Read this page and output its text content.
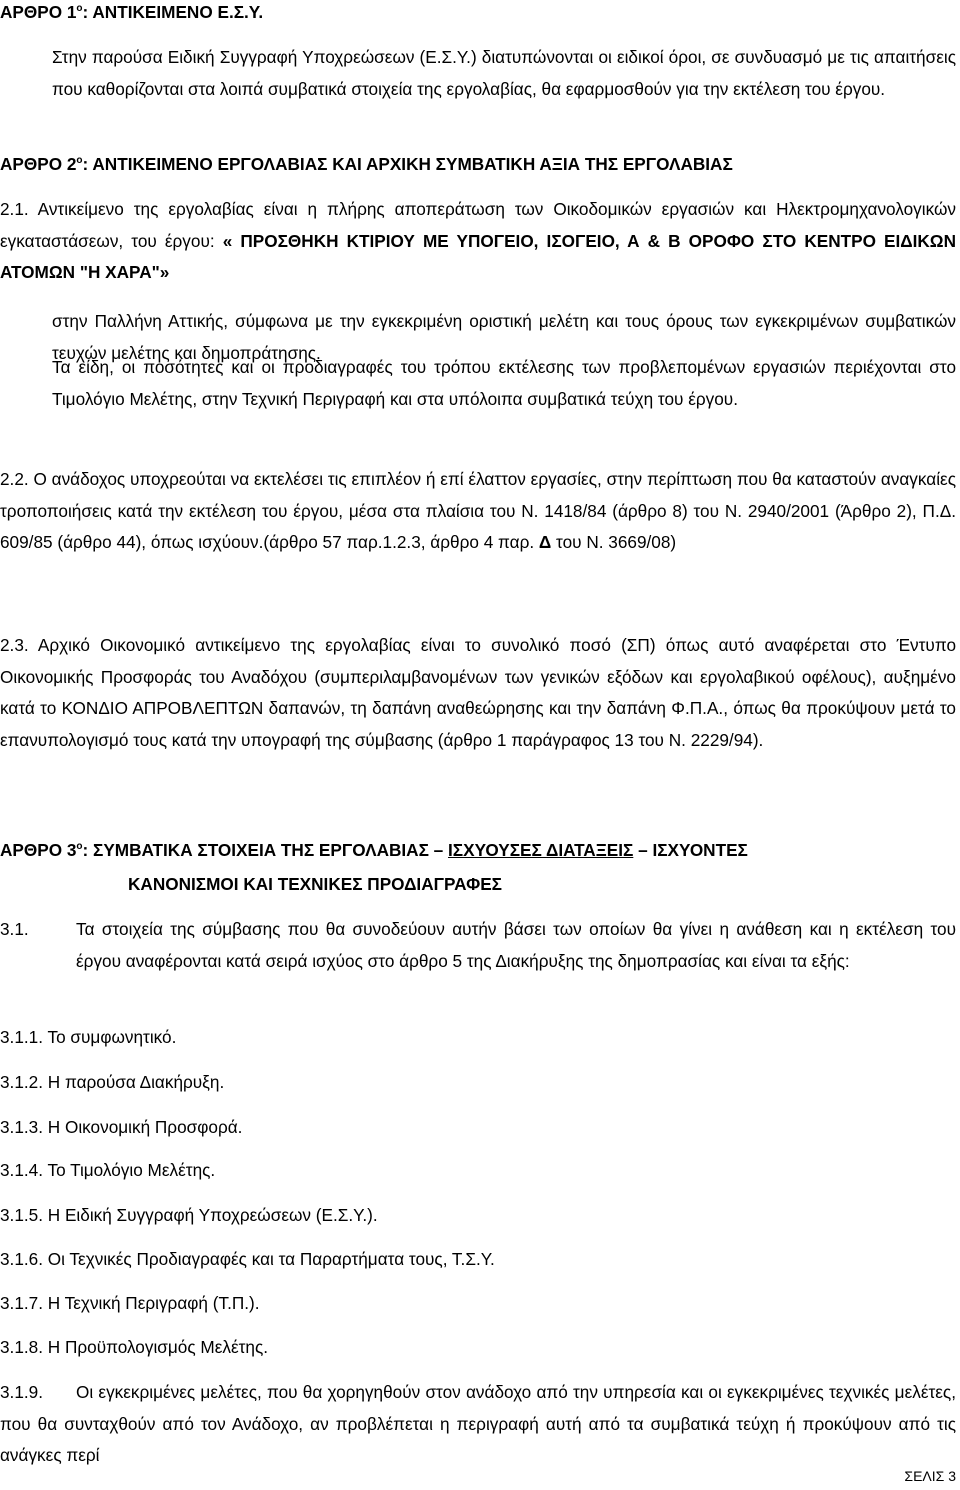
ΑΡΘΡΟ $1^o$: ΑΝΤΙΚΕΙΜΕΝΟ Ε.Σ.Υ.
Στην παρούσα Ειδική Συγγραφή Υποχρεώσεων (Ε.Σ.Υ.) διατυπώνονται οι ειδικοί όροι, σε συνδυασμό με τις απαιτήσεις που καθορίζονται στα λοιπά συμβατικά στοιχεία της εργολαβίας, θα εφαρμοσθούν για την εκτέλεση του έργου.
ΑΡΘΡΟ $2^o$: ΑΝΤΙΚΕΙΜΕΝΟ ΕΡΓΟΛΑΒΙΑΣ ΚΑΙ ΑΡΧΙΚΗ ΣΥΜΒΑΤΙΚΗ ΑΞΙΑ ΤΗΣ ΕΡΓΟΛΑΒΙΑΣ
2.1. Αντικείμενο της εργολαβίας είναι η πλήρης αποπεράτωση των Οικοδομικών εργασιών και Ηλεκτρομηχανολογικών εγκαταστάσεων, του έργου: « ΠΡΟΣΘΗΚΗ ΚΤΙΡΙΟΥ ΜΕ ΥΠΟΓΕΙΟ, ΙΣΟΓΕΙΟ, Α & Β ΟΡΟΦΟ ΣΤΟ ΚΕΝΤΡΟ ΕΙΔΙΚΩΝ ΑΤΟΜΩΝ "Η ΧΑΡΑ"»
στην Παλλήνη Αττικής, σύμφωνα με την εγκεκριμένη οριστική μελέτη και τους όρους των εγκεκριμένων συμβατικών τευχών μελέτης και δημοπράτησης.
Τα είδη, οι ποσότητες και οι προδιαγραφές του τρόπου εκτέλεσης των προβλεπομένων εργασιών περιέχονται στο Τιμολόγιο Μελέτης, στην Τεχνική Περιγραφή και στα υπόλοιπα συμβατικά τεύχη του έργου.
2.2. Ο ανάδοχος υποχρεούται να εκτελέσει τις επιπλέον ή επί έλαττον εργασίες, στην περίπτωση που θα καταστούν αναγκαίες τροποποιήσεις κατά την εκτέλεση του έργου, μέσα στα πλαίσια του Ν. 1418/84 (άρθρο 8) του Ν. 2940/2001 (Άρθρο 2), Π.Δ. 609/85 (άρθρο 44), όπως ισχύουν.(άρθρο 57 παρ.1.2.3, άρθρο 4 παρ. Δ του Ν. 3669/08)
2.3. Αρχικό Οικονομικό αντικείμενο της εργολαβίας είναι το συνολικό ποσό (ΣΠ) όπως αυτό αναφέρεται στο Έντυπο Οικονομικής Προσφοράς του Αναδόχου (συμπεριλαμβανομένων των γενικών εξόδων και εργολαβικού οφέλους), αυξημένο κατά το ΚΟΝΔΙΟ ΑΠΡΟΒΛΕΠΤΩΝ δαπανών, τη δαπάνη αναθεώρησης και την δαπάνη Φ.Π.Α., όπως θα προκύψουν μετά το επανυπολογισμό τους κατά την υπογραφή της σύμβασης (άρθρο 1 παράγραφος 13 του Ν. 2229/94).
ΑΡΘΡΟ $3^o$: ΣΥΜΒΑΤΙΚΑ ΣΤΟΙΧΕΙΑ ΤΗΣ ΕΡΓΟΛΑΒΙΑΣ – ΙΣΧΥΟΥΣΕΣ ΔΙΑΤΑΞΕΙΣ – ΙΣΧΥΟΝΤΕΣ
ΚΑΝΟΝΙΣΜΟΙ ΚΑΙ ΤΕΧΝΙΚΕΣ ΠΡΟΔΙΑΓΡΑΦΕΣ
3.1.	Τα στοιχεία της σύμβασης που θα συνοδεύουν αυτήν βάσει των οποίων θα γίνει η ανάθεση και η εκτέλεση του έργου αναφέρονται κατά σειρά ισχύος στο άρθρο 5 της Διακήρυξης της δημοπρασίας και είναι τα εξής:
3.1.1. Το συμφωνητικό.
3.1.2. Η παρούσα Διακήρυξη.
3.1.3. Η Οικονομική Προσφορά.
3.1.4. Το Τιμολόγιο Μελέτης.
3.1.5. Η Ειδική Συγγραφή Υποχρεώσεων (Ε.Σ.Υ.).
3.1.6. Οι Τεχνικές Προδιαγραφές και τα Παραρτήματα τους, Τ.Σ.Υ.
3.1.7. Η Τεχνική Περιγραφή (Τ.Π.).
3.1.8. Η Προϋπολογισμός Μελέτης.
3.1.9.	Οι εγκεκριμένες μελέτες, που θα χορηγηθούν στον ανάδοχο από την υπηρεσία και οι εγκεκριμένες τεχνικές μελέτες, που θα συνταχθούν από τον Ανάδοχο, αν προβλέπεται η περιγραφή αυτή από τα συμβατικά τεύχη ή προκύψουν από τις ανάγκες περί
ΣΕΛΙΣ 3
